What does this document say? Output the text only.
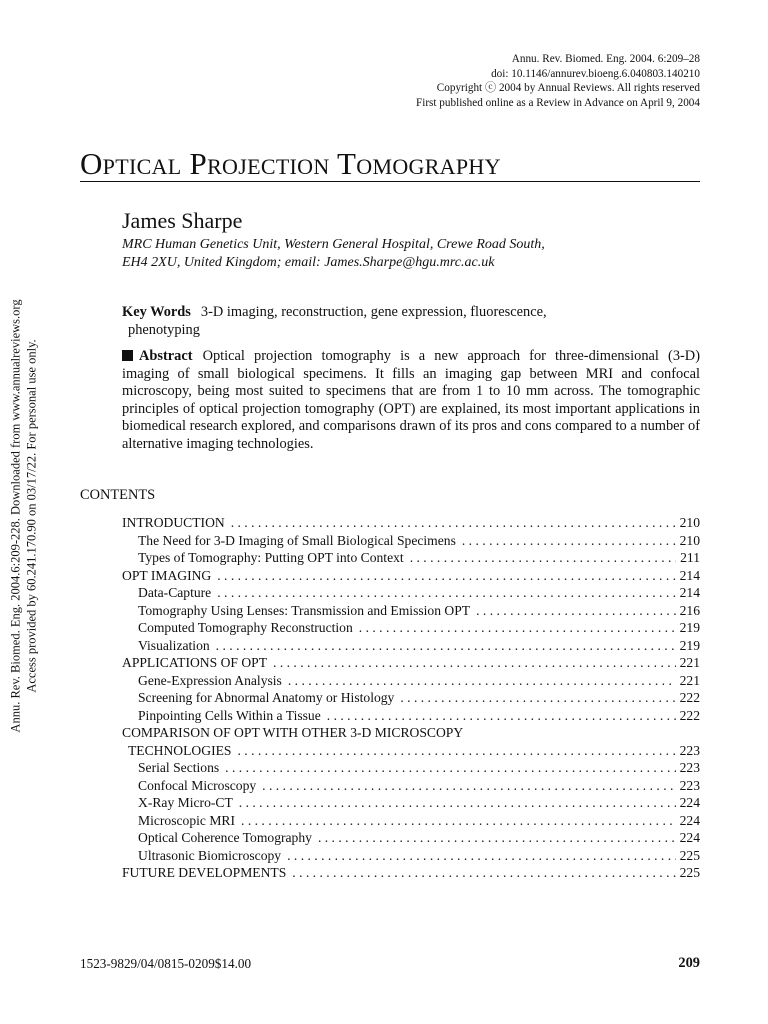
Annu. Rev. Biomed. Eng. 2004. 6:209–28
doi: 10.1146/annurev.bioeng.6.040803.140210
Copyright ⓒ 2004 by Annual Reviews. All rights reserved
First published online as a Review in Advance on April 9, 2004
Optical Projection Tomography
James Sharpe
MRC Human Genetics Unit, Western General Hospital, Crewe Road South,
EH4 2XU, United Kingdom; email: James.Sharpe@hgu.mrc.ac.uk
Key Words 3-D imaging, reconstruction, gene expression, fluorescence,
phenotyping
Abstract Optical projection tomography is a new approach for three-dimensional (3-D) imaging of small biological specimens. It fills an imaging gap between MRI and confocal microscopy, being most suited to specimens that are from 1 to 10 mm across. The tomographic principles of optical projection tomography (OPT) are explained, its most important applications in biomedical research explored, and comparisons drawn of its pros and cons compared to a number of alternative imaging technologies.
Annu. Rev. Biomed. Eng. 2004.6:209-228. Downloaded from www.annualreviews.org Access provided by 60.241.170.90 on 03/17/22. For personal use only.	CONTENTS
INTRODUCTION . . .	210
The Need for 3-D Imaging of Small Biological Specimens . . .	210
Types of Tomography: Putting OPT into Context . . .	211
OPT IMAGING . . .	214
Data-Capture . . .	214
Tomography Using Lenses: Transmission and Emission OPT . . .	216
Computed Tomography Reconstruction . . .	219
Visualization . . .	219
APPLICATIONS OF OPT . . .	221
Gene-Expression Analysis . . .	221
Screening for Abnormal Anatomy or Histology . . .	222
Pinpointing Cells Within a Tissue . . .	222
COMPARISON OF OPT WITH OTHER 3-D MICROSCOPY
TECHNOLOGIES . . .	223
Serial Sections . . .	223
Confocal Microscopy . . .	223
X-Ray Micro-CT . . .	224
Microscopic MRI . . .	224
Optical Coherence Tomography . . .	224
Ultrasonic Biomicroscopy . . .	225
FUTURE DEVELOPMENTS . . .	225
1523-9829/04/0815-0209$14.00	209
